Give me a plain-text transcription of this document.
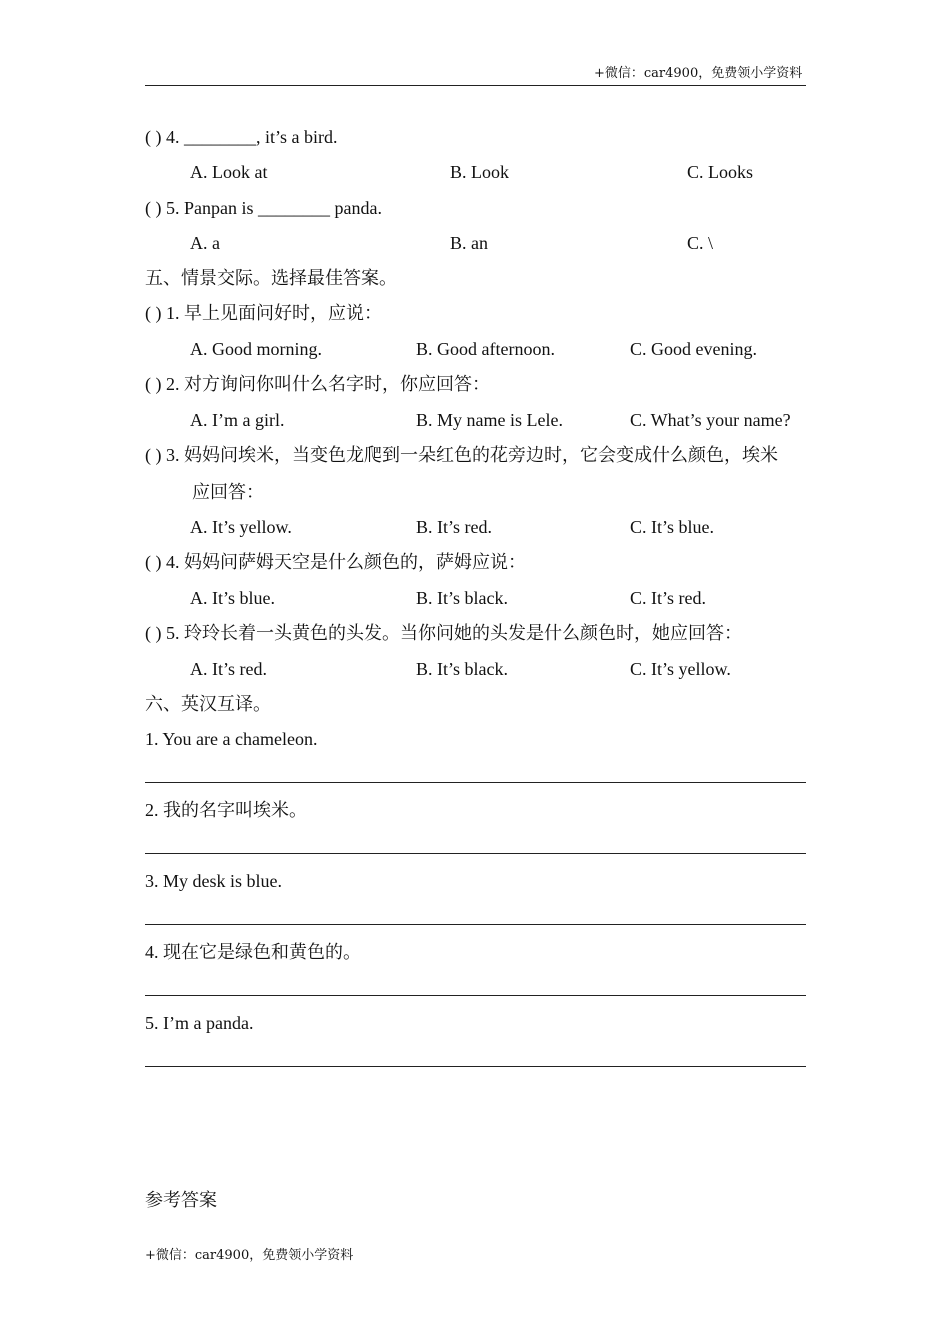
+微信：car4900，免费领小学资料
( ) 4. ________, it’s a bird.
A. Look at	B. Look	C. Looks
( ) 5. Panpan is ________ panda.
A. a	B. an	C. \
五、情景交际。选择最佳答案。
( ) 1. 早上见面问好时，应说：
A. Good morning.	B. Good afternoon.	C. Good evening.
( ) 2. 对方询问你叫什么名字时，你应回答：
A. I’m a girl.	B. My name is Lele.	C. What’s your name?
( ) 3. 妈妈问埃米，当变色龙爬到一朵红色的花旁边时，它会变成什么颜色，埃米
应回答：
A. It’s yellow.	B. It’s red.	C. It’s blue.
( ) 4. 妈妈问萨姆天空是什么颜色的，萨姆应说：
A. It’s blue.	B. It’s black.	C. It’s red.
( ) 5. 玲玲长着一头黄色的头发。当你问她的头发是什么颜色时，她应回答：
A. It’s red.	B. It’s black.	C. It’s yellow.
六、英汉互译。
1. You are a chameleon.
2. 我的名字叫埃米。
3. My desk is blue.
4. 现在它是绿色和黄色的。
5. I’m a panda.
参考答案
+微信：car4900，免费领小学资料
